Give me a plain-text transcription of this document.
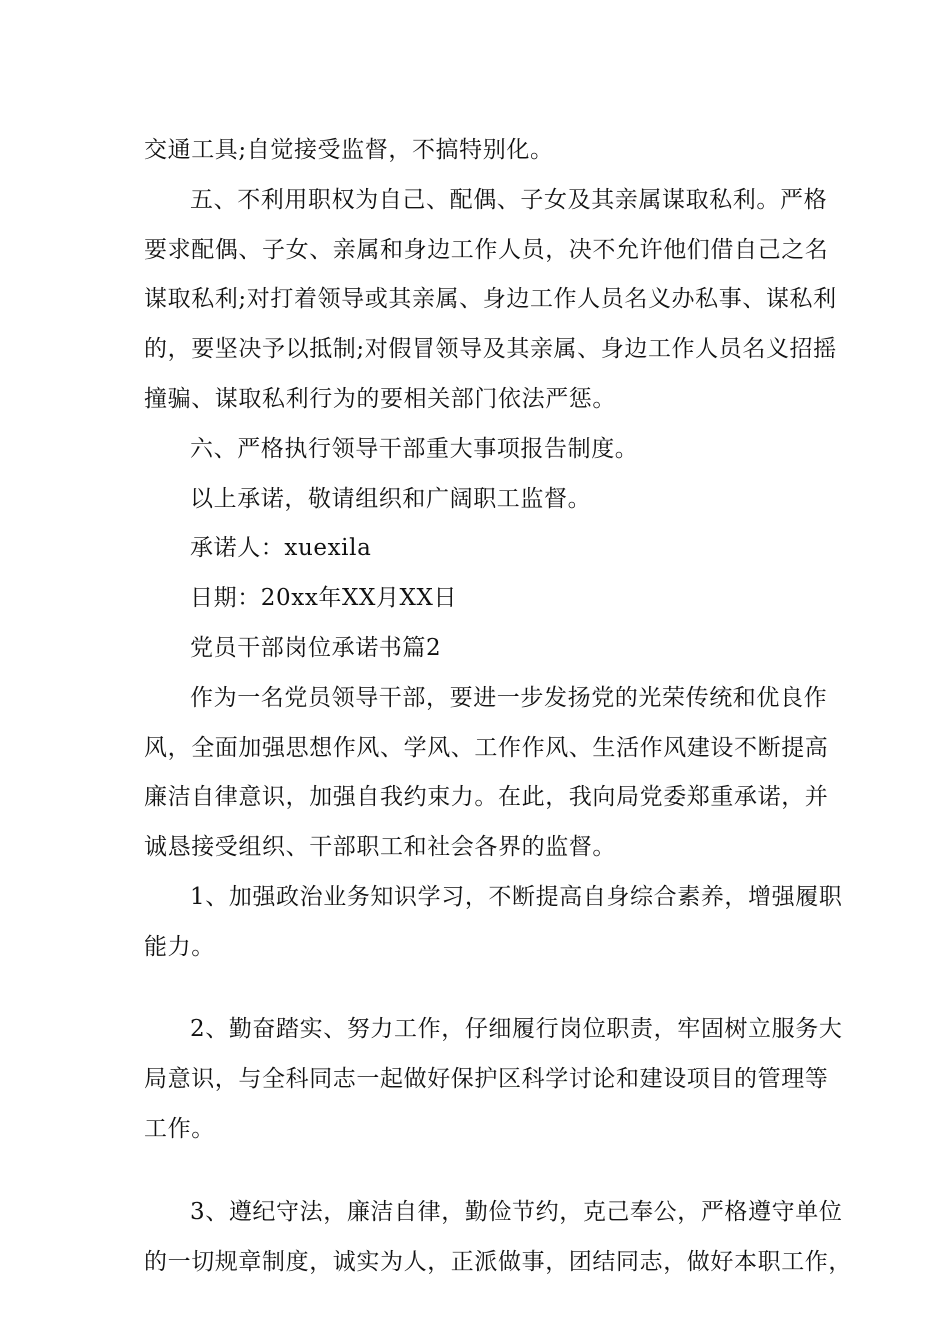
交通工具;自觉接受监督，不搞特别化。
五、不利用职权为自己、配偶、子女及其亲属谋取私利。严格
要求配偶、子女、亲属和身边工作人员，决不允许他们借自己之名
谋取私利;对打着领导或其亲属、身边工作人员名义办私事、谋私利
的，要坚决予以抵制;对假冒领导及其亲属、身边工作人员名义招摇
撞骗、谋取私利行为的要相关部门依法严惩。
六、严格执行领导干部重大事项报告制度。
以上承诺，敬请组织和广阔职工监督。
承诺人：xuexila
日期：20xx年XX月XX日
党员干部岗位承诺书篇2
作为一名党员领导干部，要进一步发扬党的光荣传统和优良作
风，全面加强思想作风、学风、工作作风、生活作风建设不断提高
廉洁自律意识，加强自我约束力。在此，我向局党委郑重承诺，并
诚恳接受组织、干部职工和社会各界的监督。
1、加强政治业务知识学习，不断提高自身综合素养，增强履职
能力。
2、勤奋踏实、努力工作，仔细履行岗位职责，牢固树立服务大
局意识，与全科同志一起做好保护区科学讨论和建设项目的管理等
工作。
3、遵纪守法，廉洁自律，勤俭节约，克己奉公，严格遵守单位
的一切规章制度，诚实为人，正派做事，团结同志，做好本职工作，
